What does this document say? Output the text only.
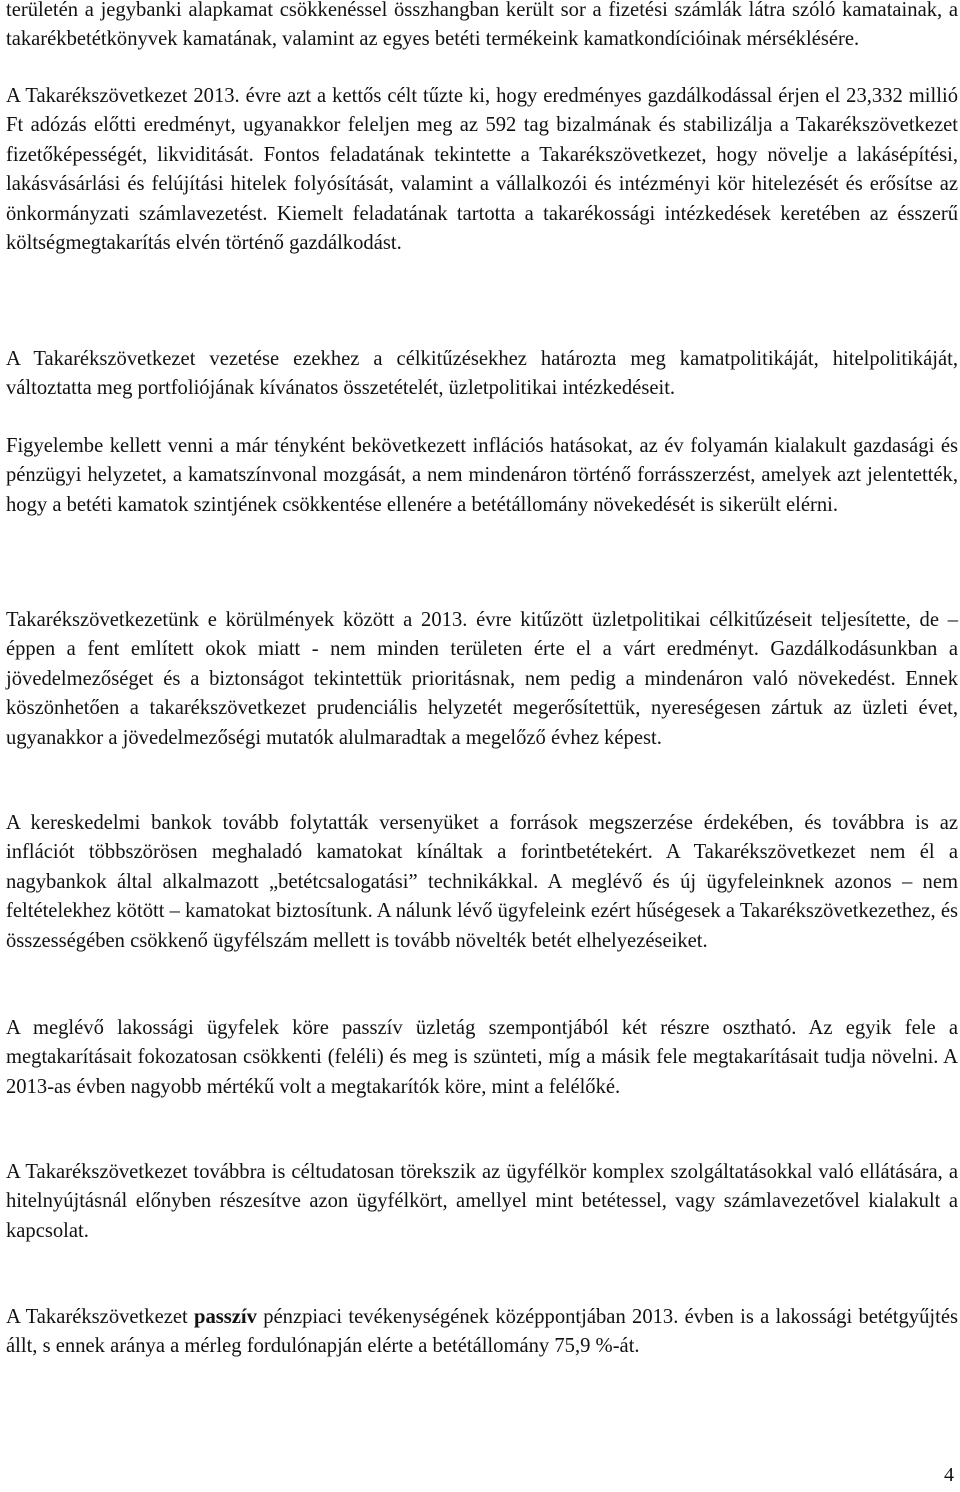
területén a jegybanki alapkamat csökkenéssel összhangban került sor a fizetési számlák látra szóló kamatainak, a takarékbetétkönyvek kamatának, valamint az egyes betéti termékeink kamatkondícióinak mérséklésére.

A Takarékszövetkezet 2013. évre azt a kettős célt tűzte ki, hogy eredményes gazdálkodással érjen el 23,332 millió Ft adózás előtti eredményt, ugyanakkor feleljen meg az 592 tag bizalmának és stabilizálja a Takarékszövetkezet fizetőképességét, likviditását. Fontos feladatának tekintette a Takarékszövetkezet, hogy növelje a lakásépítési, lakásvásárlási és felújítási hitelek folyósítását, valamint a vállalkozói és intézményi kör hitelezését és erősítse az önkormányzati számlavezetést. Kiemelt feladatának tartotta a takarékossági intézkedések keretében az ésszerű költségmegtakarítás elvén történő gazdálkodást.

A Takarékszövetkezet vezetése ezekhez a célkitűzésekhez határozta meg kamatpolitikáját, hitelpolitikáját, változtatta meg portfoliójának kívánatos összetételét, üzletpolitikai intézkedéseit.

Figyelembe kellett venni a már tényként bekövetkezett inflációs hatásokat, az év folyamán kialakult gazdasági és pénzügyi helyzetet, a kamatszínvonal mozgását, a nem mindenáron történő forrásszerzést, amelyek azt jelentették, hogy a betéti kamatok szintjének csökkentése ellenére a betétállomány növekedését is sikerült elérni.

Takarékszövetkezetünk e körülmények között a 2013. évre kitűzött üzletpolitikai célkitűzéseit teljesítette, de – éppen a fent említett okok miatt - nem minden területen érte el a várt eredményt. Gazdálkodásunkban a jövedelmezőséget és a biztonságot tekintettük prioritásnak, nem pedig a mindenáron való növekedést. Ennek köszönhetően a takarékszövetkezet prudenciális helyzetét megerősítettük, nyereségesen zártuk az üzleti évet, ugyanakkor a jövedelmezőségi mutatók alulmaradtak a megelőző évhez képest.

A kereskedelmi bankok tovább folytatták versenyüket a források megszerzése érdekében, és továbbra is az inflációt többszörösen meghaladó kamatokat kínáltak a forintbetétekért. A Takarékszövetkezet nem él a nagybankok által alkalmazott „betétcsalogatási” technikákkal. A meglévő és új ügyfeleinknek azonos – nem feltételekhez kötött – kamatokat biztosítunk. A nálunk lévő ügyfeleink ezért hűségesek a Takarékszövetkezethez, és összességében csökkenő ügyfélszám mellett is tovább növelték betét elhelyezéseiket.

A meglévő lakossági ügyfelek köre passzív üzletág szempontjából két részre osztható. Az egyik fele a megtakarításait fokozatosan csökkenti (feléli) és meg is szünteti, míg a másik fele megtakarításait tudja növelni. A 2013-as évben nagyobb mértékű volt a megtakarítók köre, mint a felélőké.

A Takarékszövetkezet továbbra is céltudatosan törekszik az ügyfélkör komplex szolgáltatásokkal való ellátására, a hitelnyújtásnál előnyben részesítve azon ügyfélkört, amellyel mint betétessel, vagy számlavezetővel kialakult a kapcsolat.

A Takarékszövetkezet passzív pénzpiaci tevékenységének középpontjában 2013. évben is a lakossági betétgyűjtés állt, s ennek aránya a mérleg fordulónapján elérte a betétállomány 75,9 %-át.

4
